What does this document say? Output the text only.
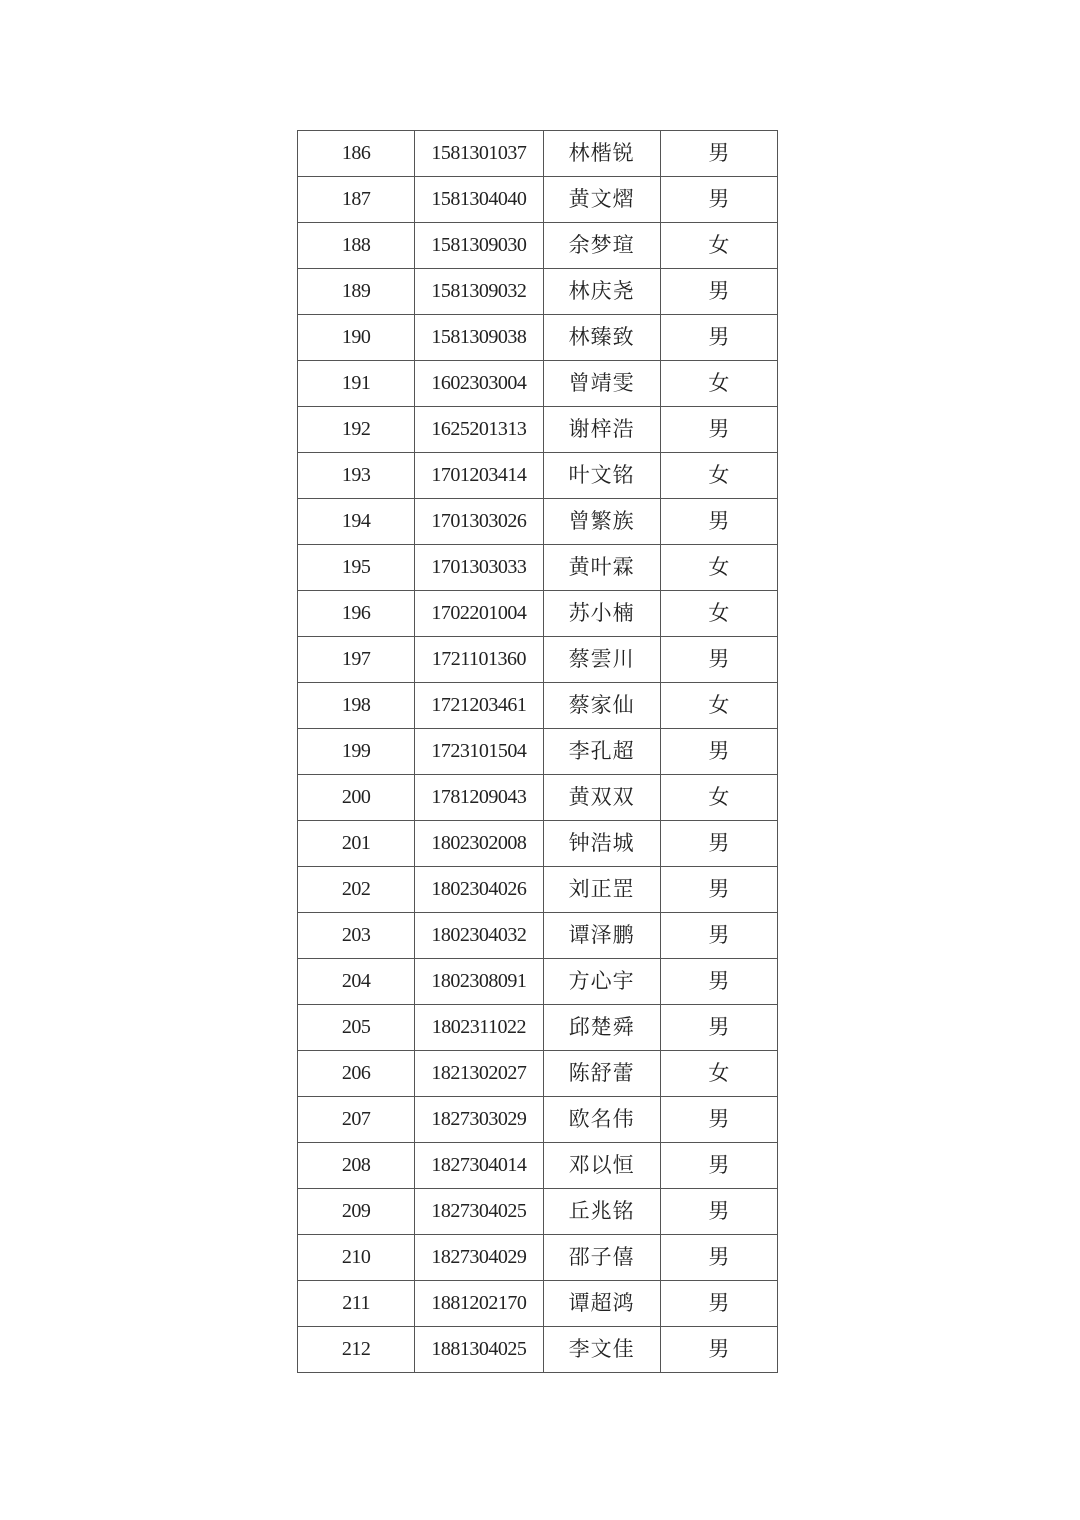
186	1581301037	林楷锐	男
187	1581304040	黄文熠	男
188	1581309030	余梦瑄	女
189	1581309032	林庆尧	男
190	1581309038	林臻致	男
191	1602303004	曾靖雯	女
192	1625201313	谢梓浩	男
193	1701203414	叶文铭	女
194	1701303026	曾繁族	男
195	1701303033	黄叶霖	女
196	1702201004	苏小楠	女
197	1721101360	蔡雲川	男
198	1721203461	蔡家仙	女
199	1723101504	李孔超	男
200	1781209043	黄双双	女
201	1802302008	钟浩城	男
202	1802304026	刘正罡	男
203	1802304032	谭泽鹏	男
204	1802308091	方心宇	男
205	1802311022	邱楚舜	男
206	1821302027	陈舒蕾	女
207	1827303029	欧名伟	男
208	1827304014	邓以恒	男
209	1827304025	丘兆铭	男
210	1827304029	邵子僖	男
211	1881202170	谭超鸿	男
212	1881304025	李文佳	男
